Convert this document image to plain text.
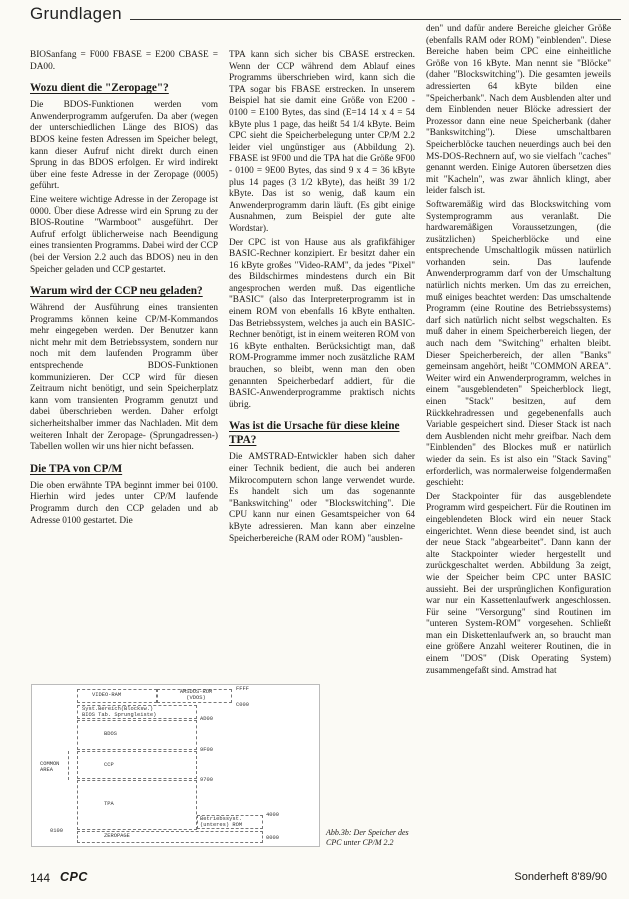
Grundlagen

BIOSanfang = F000 FBASE = E200 CBASE = DA00.

Wozu dient die "Zeropage"?

Die BDOS-Funktionen werden vom Anwenderprogramm aufgerufen. Da aber (wegen der unterschiedlichen Länge des BIOS) das BDOS keine festen Adressen im Speicher belegt, kann dieser Aufruf nicht direkt durch einen Sprung in das BDOS erfolgen. Er wird indirekt über eine feste Adresse in der Zeropage (0005) geführt.

Eine weitere wichtige Adresse in der Zeropage ist 0000. Über diese Adresse wird ein Sprung zu der BIOS-Routine "Warmboot" ausgeführt. Der Aufruf erfolgt üblicherweise nach Beendigung eines transienten Programms. Dabei wird der CCP (bei der Version 2.2 auch das BDOS) neu in den Speicher geladen und CCP gestartet.

Warum wird der CCP neu geladen?

Während der Ausführung eines transienten Programms können keine CP/M-Kommandos mehr eingegeben werden. Der Benutzer kann nicht mehr mit dem Betriebssystem, sondern nur noch mit dem laufenden Programm über entsprechende BDOS-Funktionen kommunizieren. Der CCP wird für diesen Zeitraum nicht benötigt, und sein Speicherplatz kann vom transienten Programm genutzt und dabei überschrieben werden. Daher erfolgt sicherheitshalber immer das Nachladen. Mit dem weiteren Inhalt der Zeropage- (Sprungadressen-) Tabellen wollen wir uns hier nicht befassen.

Die TPA von CP/M

Die oben erwähnte TPA beginnt immer bei 0100. Hierhin wird jedes unter CP/M laufende Programm durch den CCP geladen und ab Adresse 0100 gestartet. Die

TPA kann sich sicher bis CBASE erstrecken. Wenn der CCP während dem Ablauf eines Programms überschrieben wird, kann sich die TPA sogar bis FBASE erstrecken. In unserem Beispiel hat sie damit eine Größe von E200 - 0100 = E100 Bytes, das sind (E=14 14 x 4 = 54 kByte plus 1 page, das heißt 54 1/4 kByte. Beim CPC sieht die Speicherbelegung unter CP/M 2.2 leider viel ungünstiger aus (Abbildung 2). FBASE ist 9F00 und die TPA hat die Größe 9F00 - 0100 = 9E00 Bytes, das sind 9 x 4 = 36 kByte plus 14 pages (3 1/2 kByte), das heißt 39 1/2 kByte. Das ist so wenig, daß kaum ein Anwenderprogramm darin läuft. (Es gibt einige Ausnahmen, zum Beispiel der gute alte Wordstar).

Der CPC ist von Hause aus als grafikfähiger BASIC-Rechner konzipiert. Er besitzt daher ein 16 kByte großes "Video-RAM", da jedes "Pixel" des Bildschirmes mindestens durch ein Bit angesprochen werden muß. Das eigentliche "BASIC" (also das Interpreterprogramm ist in einem ROM von ebenfalls 16 kByte enthalten. Das Betriebssystem, welches ja auch ein BASIC-Rechner benötigt, ist in einem weiteren ROM von 16 kByte enthalten. Berücksichtigt man, daß ROM-Programme immer noch zusätzliche RAM brauchen, so bleibt, wenn man den oben genannten Speicherbedarf addiert, für die BASIC-Anwenderprogramme praktisch nichts übrig.

Was ist die Ursache für diese kleine TPA?

Die AMSTRAD-Entwickler haben sich daher einer Technik bedient, die auch bei anderen Mikrocomputern schon lange verwendet wurde. Es handelt sich um das sogenannte "Bankswitching" oder "Blockswitching". Die CPU kann nur einen Gesamtspeicher von 64 kByte adressieren. Man kann aber einzelne Speicherbereiche (RAM oder ROM) "ausblen-

den" und dafür andere Bereiche gleicher Größe (ebenfalls RAM oder ROM) "einblenden". Diese Bereiche haben beim CPC eine einheitliche Größe von 16 kByte. Man nennt sie "Blöcke" (daher "Blockswitching"). Die gesamten jeweils adressierten 64 kByte bilden eine "Speicherbank". Nach dem Ausblenden alter und dem Einblenden neuer Blöcke adressiert der Prozessor dann eine neue Speicherbank (daher "Bankswitching"). Diese umschaltbaren Speicherblöcke tauchen neuerdings auch bei den MS-DOS-Rechnern auf, wo sie vielfach "caches" genannt werden. Einige Autoren übersetzen dies mit "Kacheln", was zwar ähnlich klingt, aber leider falsch ist.

Softwaremäßig wird das Blockswitching vom Systemprogramm aus veranlaßt. Die hardwaremäßigen Voraussetzungen, (die zusätzlichen) Speicherblöcke und eine entsprechende Umschaltlogik müssen natürlich vorhanden sein. Das laufende Anwenderprogramm darf von der Umschaltung natürlich nichts merken. Um das zu erreichen, muß einiges beachtet werden: Das umschaltende Programm (eine Routine des Betriebssystems) darf sich natürlich nicht selbst wegschalten. Es muß daher in einem Speicherbereich liegen, der auch nach dem "Switching" erhalten bleibt. Dieser Speicherbereich, der allen "Banks" gemeinsam angehört, heißt "COMMON AREA". Weiter wird ein Anwenderprogramm, welches in einem "ausgeblendeten" Speicherblock liegt, einen "Stack" besitzen, auf dem Rückkehradressen und gegebenenfalls auch Variable gespeichert sind. Dieser Stack ist nach dem Ausblenden nicht mehr greifbar. Nach dem "Einblenden" des Blockes muß er natürlich wieder da sein. Es ist also ein "Stack Saving" erforderlich, was normalerweise folgendermaßen geschieht:

Der Stackpointer für das ausgeblendete Programm wird gespeichert. Für die Routinen im eingeblendeten Block wird ein neuer Stack eingerichtet. Wenn diese beendet sind, ist auch der neue Stack "abgearbeitet". Dann kann der alte Stackpointer wieder hergestellt und zurückgeschaltet werden. Abbildung 3a zeigt, wie der Speicher beim CPC unter BASIC aussieht. Bei der ursprünglichen Konfiguration war nur ein Kassettenlaufwerk angeschlossen. Für seine "Versorgung" sind Routinen im "unteren System-ROM" vorgesehen. Schließt man ein Diskettenlaufwerk an, so braucht man eine größere Anzahl weiterer Routinen, die in einem "DOS" (Disk Operating System) zusammengefaßt sind. Amstrad hat

VIDEO-RAM	AMSDOS-ROM (VDOS)
FFFF
C000
Syst.Bereich(Blocksw.)
BIOS Tab. Sprungleiste)
AD00
BDOS
9F00
CCP
9700
COMMON AREA
TPA
Betriebssyst. (unteres) ROM
4000
0100
ZEROPAGE	0000
Abb.3b: Der Speicher des CPC unter CP/M 2.2
144 CPC	Sonderheft 8'89/90
